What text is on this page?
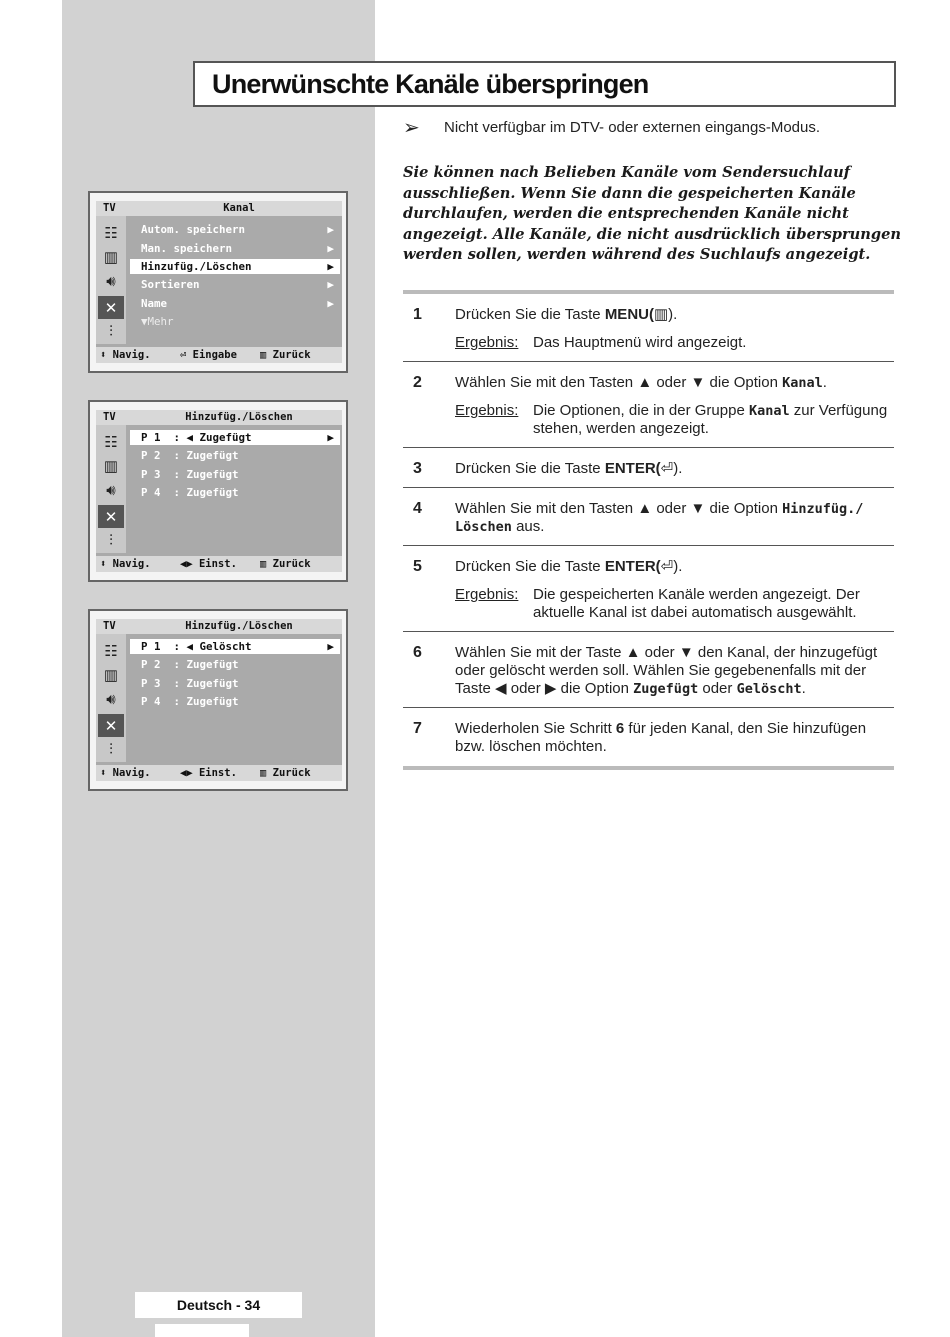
Unerwünschte Kanäle überspringen
➢ Nicht verfügbar im DTV- oder externen eingangs-Modus.
Sie können nach Belieben Kanäle vom Sendersuchlauf ausschließen. Wenn Sie dann die gespeicherten Kanäle durchlaufen, werden die entsprechenden Kanäle nicht angezeigt. Alle Kanäle, die nicht ausdrücklich übersprungen werden sollen, werden während des Suchlaufs angezeigt.
1 Drücken Sie die Taste MENU(▥).
Ergebnis: Das Hauptmenü wird angezeigt.
2 Wählen Sie mit den Tasten ▲ oder ▼ die Option Kanal.
Ergebnis: Die Optionen, die in der Gruppe Kanal zur Verfügung stehen, werden angezeigt.
3 Drücken Sie die Taste ENTER(⏎).
4 Wählen Sie mit den Tasten ▲ oder ▼ die Option Hinzufüg./ Löschen aus.
5 Drücken Sie die Taste ENTER(⏎).
Ergebnis: Die gespeicherten Kanäle werden angezeigt. Der aktuelle Kanal ist dabei automatisch ausgewählt.
6 Wählen Sie mit der Taste ▲ oder ▼ den Kanal, der hinzugefügt oder gelöscht werden soll. Wählen Sie gegebenenfalls mit der Taste ◀ oder ▶ die Option Zugefügt oder Gelöscht.
7 Wiederholen Sie Schritt 6 für jeden Kanal, den Sie hinzufügen bzw. löschen möchten.
TV	Kanal
☷
▥
🔊︎
✕
⫶
Autom. speichern	▶
Man. speichern	▶
Hinzufüg./Löschen	▶
Sortieren	▶
Name	▶
▼Mehr
⬍ Navig.	⏎ Eingabe ▥ Zurück
TV	Hinzufüg./Löschen
☷
▥
🔊︎
✕
⫶
P 1  : ◀ Zugefügt	▶
P 2  : Zugefügt
P 3  : Zugefügt
P 4  : Zugefügt
⬍ Navig.	◀▶ Einst. ▥ Zurück
TV	Hinzufüg./Löschen
☷
▥
🔊︎
✕
⫶
P 1  : ◀ Gelöscht	▶
P 2  : Zugefügt
P 3  : Zugefügt
P 4  : Zugefügt
⬍ Navig.	◀▶ Einst. ▥ Zurück
Deutsch - 34
